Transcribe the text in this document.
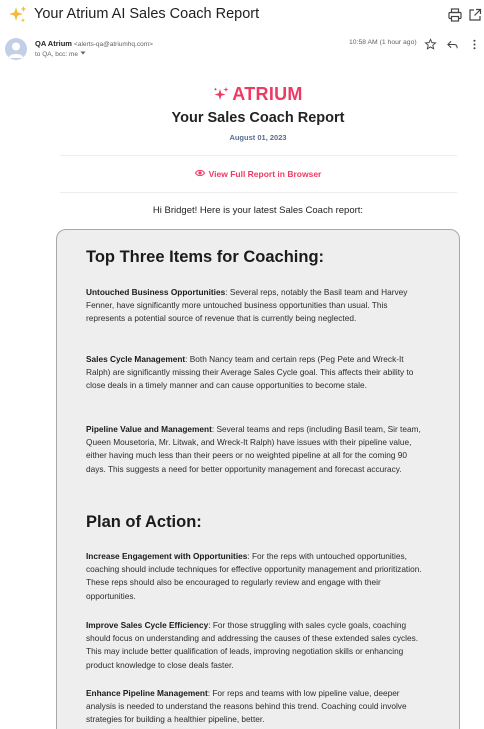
Your Atrium AI Sales Coach Report
QA Atrium <alerts-qa@atriumhq.com>
to QA, bcc: me
10:58 AM (1 hour ago)
ATRIUM
Your Sales Coach Report
August 01, 2023
View Full Report in Browser
Hi Bridget! Here is your latest Sales Coach report:
Top Three Items for Coaching:

Untouched Business Opportunities: Several reps, notably the Basil team and Harvey Fenner, have significantly more untouched business opportunities than usual. This represents a potential source of revenue that is currently being neglected.

Sales Cycle Management: Both Nancy team and certain reps (Peg Pete and Wreck-It Ralph) are significantly missing their Average Sales Cycle goal. This affects their ability to close deals in a timely manner and can cause opportunities to become stale.

Pipeline Value and Management: Several teams and reps (including Basil team, Sir team, Queen Mousetoria, Mr. Litwak, and Wreck-It Ralph) have issues with their pipeline value, either having much less than their peers or no weighted pipeline at all for the coming 90 days. This suggests a need for better opportunity management and forecast accuracy.

Plan of Action:

Increase Engagement with Opportunities: For the reps with untouched opportunities, coaching should include techniques for effective opportunity management and prioritization. These reps should also be encouraged to regularly review and engage with their opportunities.

Improve Sales Cycle Efficiency: For those struggling with sales cycle goals, coaching should focus on understanding and addressing the causes of these extended sales cycles. This may include better qualification of leads, improving negotiation skills or enhancing product knowledge to close deals faster.

Enhance Pipeline Management: For reps and teams with low pipeline value, deeper analysis is needed to understand the reasons behind this trend. Coaching could involve strategies for building a healthier pipeline, better.
